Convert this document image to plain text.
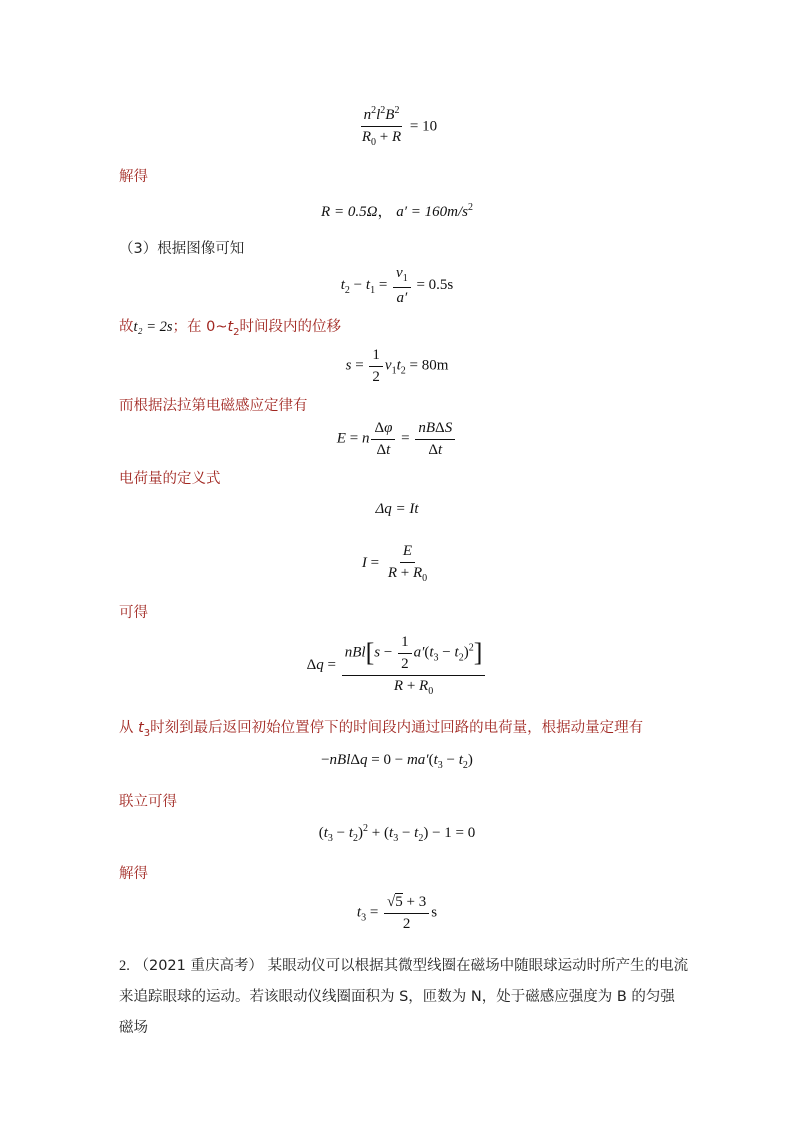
$\frac{n^2l^2B^2}{R_0 + R} = 10$
解得
R = 0.5Ω， $a' = 160m/s^2$
（3）根据图像可知
$t_2 - t_1 = \frac{v_1}{a'} = 0.5s$
故t₂ = 2s；在 $0\sim t_2$时间段内的位移
$s = \frac{1}{2} v_1t_2 = 80m$
而根据法拉第电磁感应定律有
E = n $\frac{\Delta\varphi}{\Delta t} = \frac{\text{nBΔS}}{\Delta t}$
电荷量的定义式
Δq = It
$I = \frac{E}{R + R_0}$
可得
$\Delta q = \frac{nBl[s - \frac{1}{2} a'(t_3 - t_2)^2]}{R + R_0}$
从 $t_3$时刻到最后返回初始位置停下的时间段内通过回路的电荷量，根据动量定理有
$-nBl\Delta q = 0 - ma'(t_3 - t_2)$
联立可得
$(t_3 - t_2)^2 + (t_3 - t_2) - 1 = 0$
解得
$t_3 = \frac{√5 + 3}{2}$ s
2. （2021 重庆高考） 某眼动仪可以根据其微型线圈在磁场中随眼球运动时所产生的电流
来追踪眼球的运动。若该眼动仪线圈面积为 S，匝数为 N，处于磁感应强度为 B 的匀强磁场
